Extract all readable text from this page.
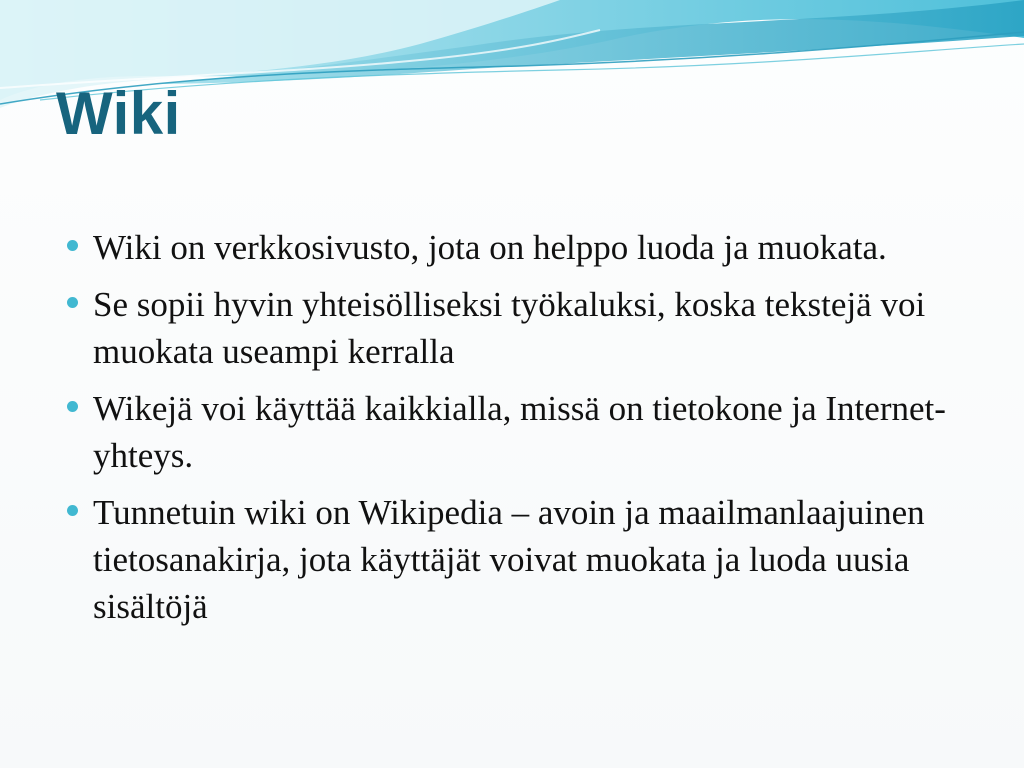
Wiki
Wiki on verkkosivusto, jota on helppo luoda ja muokata.
Se sopii hyvin yhteisölliseksi työkaluksi, koska tekstejä voi muokata useampi kerralla
Wikejä voi käyttää kaikkialla, missä on tietokone ja Internet-yhteys.
Tunnetuin wiki on Wikipedia – avoin ja maailmanlaajuinen tietosanakirja, jota käyttäjät voivat muokata ja luoda uusia sisältöjä
